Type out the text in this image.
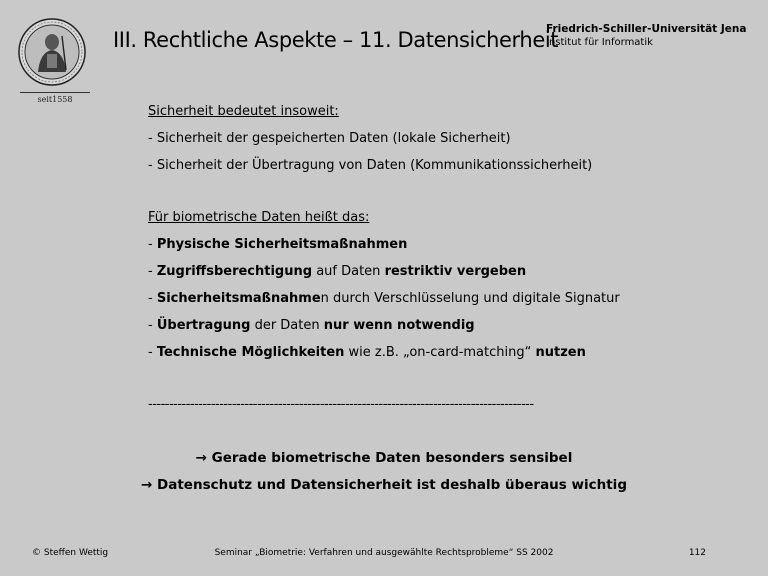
seit1558
III. Rechtliche Aspekte – 11. Datensicherheit
Friedrich-Schiller-Universität Jena
Institut für Informatik
Sicherheit bedeutet insoweit:
- Sicherheit der gespeicherten Daten (lokale Sicherheit)
- Sicherheit der Übertragung von Daten (Kommunikationssicherheit)
Für biometrische Daten heißt das:
- Physische Sicherheitsmaßnahmen
- Zugriffsberechtigung auf Daten restriktiv vergeben
- Sicherheitsmaßnahmen durch Verschlüsselung und digitale Signatur
- Übertragung der Daten nur wenn notwendig
- Technische Möglichkeiten wie z.B. „on-card-matching“ nutzen
--------------------------------------------------------------------------------------------
→ Gerade biometrische Daten besonders sensibel
→ Datenschutz und Datensicherheit ist deshalb überaus wichtig
© Steffen Wettig	Seminar „Biometrie: Verfahren und ausgewählte Rechtsprobleme“ SS 2002	112
